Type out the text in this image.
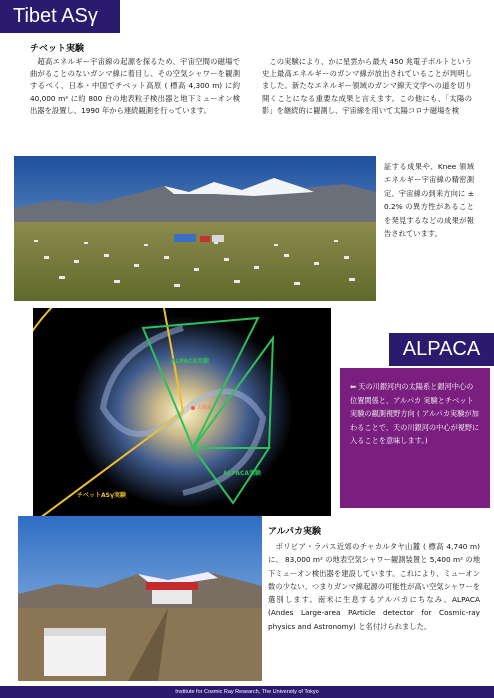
Tibet ASγ
チベット実験
　超高エネルギー宇宙線の起源を探るため、宇宙空間の磁場で曲がることのないガンマ線に着目し、その空気シャワーを観測するべく、日本・中国でチベット高原 ( 標高 4,300 m) に約 40,000 m² に約 800 台の地表粒子検出器と地下ミューオン検出器を設置し、1990 年から連続観測を行っています。
　この実験により、かに星雲から最大 450 兆電子ボルトという史上最高エネルギーのガンマ線が放出されていることが判明しました。新たなエネルギー領域のガンマ線天文学への道を切り開くことになる重要な成果と言えます。この他にも、「太陽の影」を継続的に観測し、宇宙線を用いて太陽コロナ磁場を検
証する成果や、Knee 領域エネルギー宇宙線の精密測定、宇宙線の到来方向に ± 0.2% の異方性があることを発見するなどの成果が報告されています。
ALPACA実験
ALPACA実験
チベットASγ実験
太陽系
ALPACA
⬅ 天の川銀河内の太陽系と銀河中心の位置関係と、アルパカ 実験とチベット実験の観測視野方向 ( アルパカ実験が加わることで、天の川銀河の中心が視野に入ることを意味します。)
アルパカ実験
　ボリビア・ラパス近郊のチャカルタヤ山麓 ( 標高 4,740 m) に、 83,000 m² の地表空気シャワー観測装置と 5,400 m² の地下ミューオン検出器を建設しています。これにより、ミューオン数の少ない、つまりガンマ線起源の可能性が高い空気シャワーを選別します。南米に生息するアルパカにちなみ、ALPACA (Andes Large-area PArticle detector for Cosmic-ray physics and Astronomy) と名付けられました。
Institute for Cosmic Ray Research, The University of Tokyo
